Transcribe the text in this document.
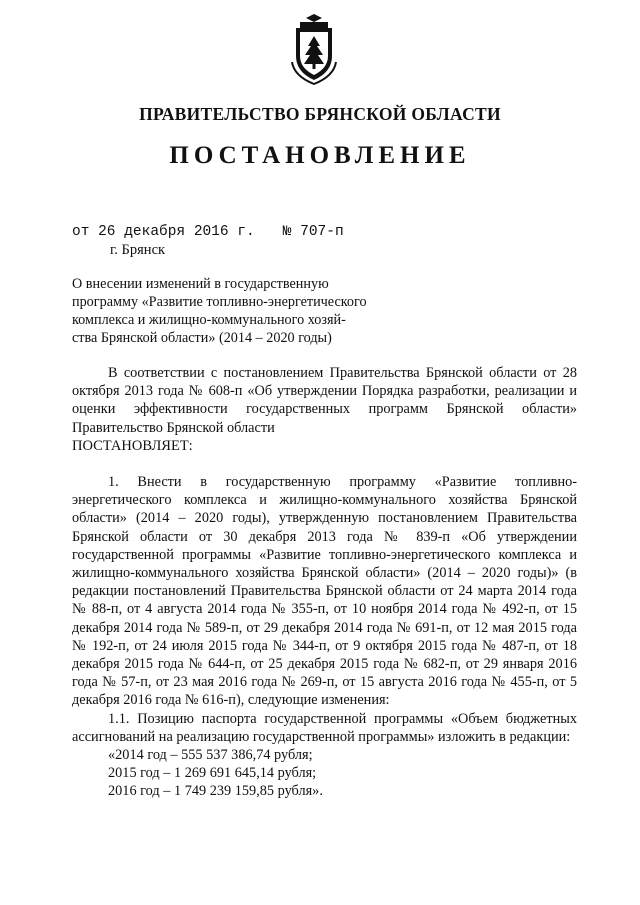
ПРАВИТЕЛЬСТВО БРЯНСКОЙ ОБЛАСТИ
ПОСТАНОВЛЕНИЕ
от 26 декабря 2016 г. № 707-п
г. Брянск
О внесении изменений в государственную
программу «Развитие топливно-энергетического
комплекса и жилищно-коммунального хозяй-
ства Брянской области» (2014 – 2020 годы)

В соответствии с постановлением Правительства Брянской области от 28 октября 2013 года № 608-п «Об утверждении Порядка разработки, реализации и оценки эффективности государственных программ Брянской области» Правительство Брянской области

ПОСТАНОВЛЯЕТ:

1. Внести в государственную программу «Развитие топливно-энергетического комплекса и жилищно-коммунального хозяйства Брянской области» (2014 – 2020 годы), утвержденную постановлением Правительства Брянской области от 30 декабря 2013 года № 839-п «Об утверждении государственной программы «Развитие топливно-энергетического комплекса и жилищно-коммунального хозяйства Брянской области» (2014 – 2020 годы)» (в редакции постановлений Правительства Брянской области от 24 марта 2014 года № 88-п, от 4 августа 2014 года № 355-п, от 10 ноября 2014 года № 492-п, от 15 декабря 2014 года № 589-п, от 29 декабря 2014 года № 691-п, от 12 мая 2015 года № 192-п, от 24 июля 2015 года № 344-п, от 9 октября 2015 года № 487-п, от 18 декабря 2015 года № 644-п, от 25 декабря 2015 года № 682-п, от 29 января 2016 года № 57-п, от 23 мая 2016 года № 269-п, от 15 августа 2016 года № 455-п, от 5 декабря 2016 года № 616-п), следующие изменения:

1.1. Позицию паспорта государственной программы «Объем бюджетных ассигнований на реализацию государственной программы» изложить в редакции:

«2014 год – 555 537 386,74 рубля;
2015 год – 1 269 691 645,14 рубля;
2016 год – 1 749 239 159,85 рубля».
